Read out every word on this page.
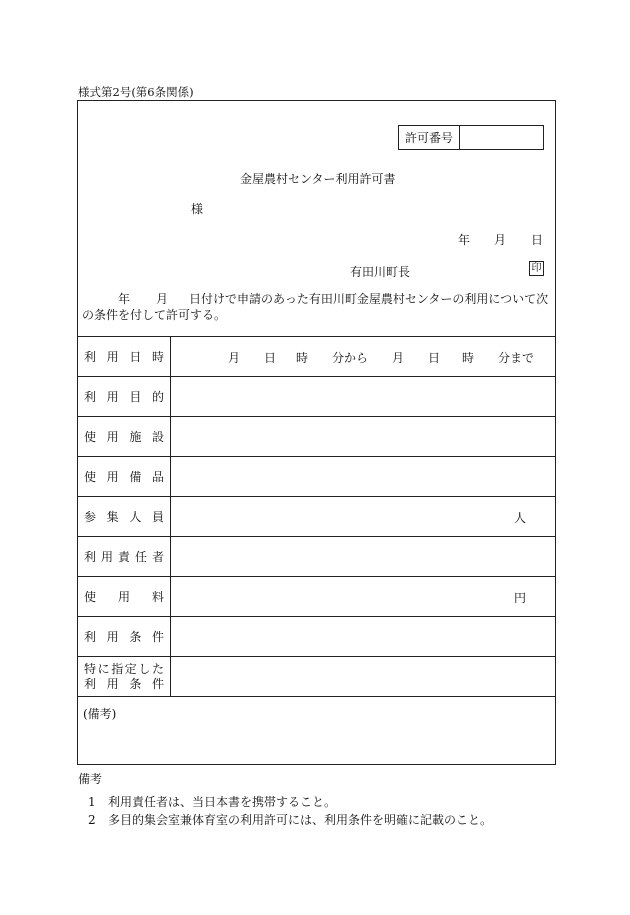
様式第2号(第6条関係)
許可番号
金屋農村センター利用許可書
様
年 月 日
有田川町長	印
年 月 日付けで申請のあった有田川町金屋農村センターの利用について次
の条件を付して許可する。
利用日時	月 日 時 分から 月 日 時 分まで
利用目的
使用施設
使用備品
参集人員	人
利用責任者
使用料	円
利用条件
特に指定した
利用条件
(備考)
備考
1 利用責任者は、当日本書を携帯すること。
2 多目的集会室兼体育室の利用許可には、利用条件を明確に記載のこと。
